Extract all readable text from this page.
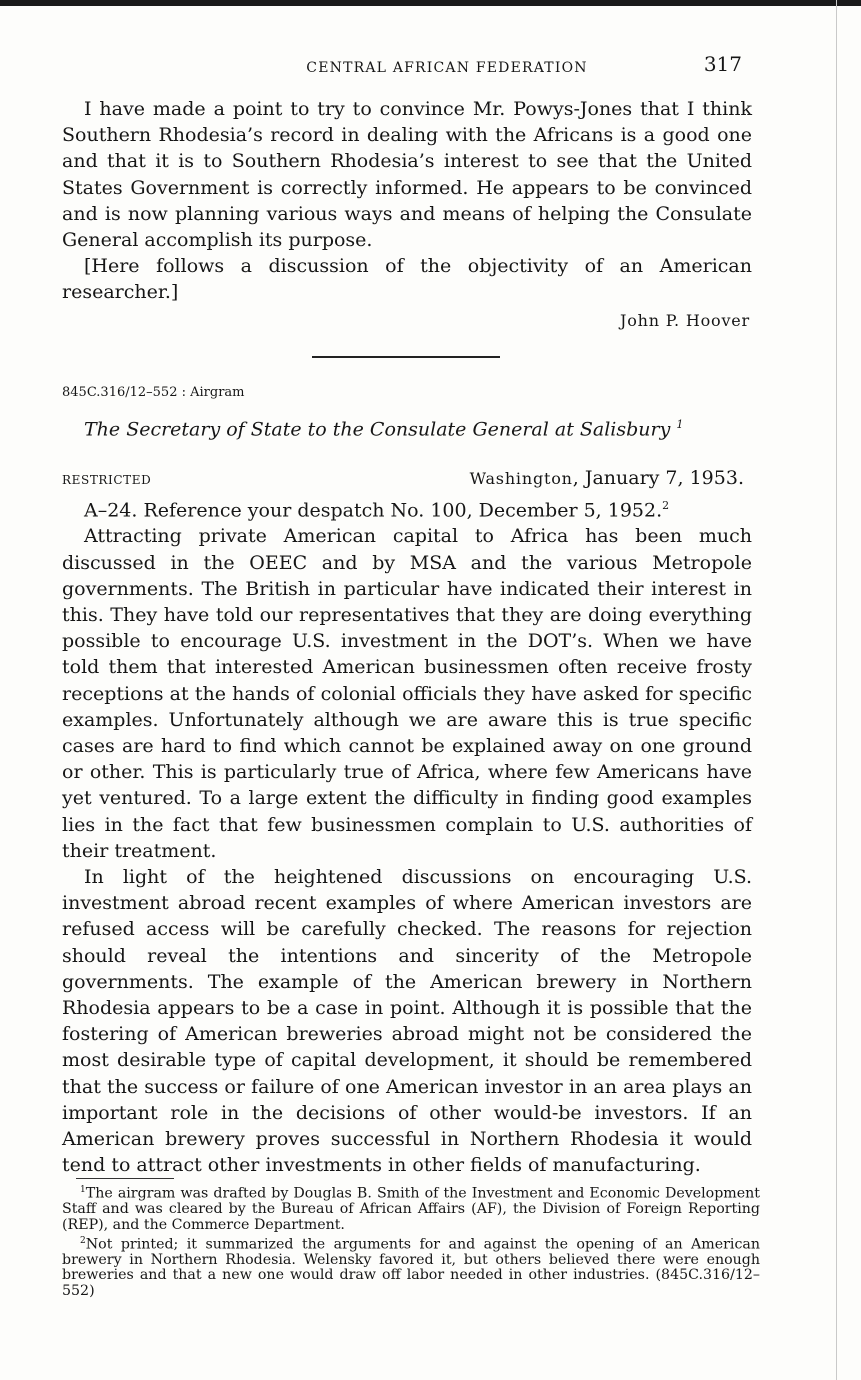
CENTRAL AFRICAN FEDERATION	317

I have made a point to try to convince Mr. Powys-Jones that I think Southern Rhodesia’s record in dealing with the Africans is a good one and that it is to Southern Rhodesia’s interest to see that the United States Government is correctly informed. He appears to be convinced and is now planning various ways and means of helping the Consulate General accomplish its purpose.

[Here follows a discussion of the objectivity of an American researcher.]

John P. Hoover

845C.316/12–552 : Airgram

The Secretary of State to the Consulate General at Salisbury $^1$

RESTRICTED	Washington, January 7, 1953.

A–24. Reference your despatch No. 100, December 5, 1952.$^2$

Attracting private American capital to Africa has been much discussed in the OEEC and by MSA and the various Metropole governments. The British in particular have indicated their interest in this. They have told our representatives that they are doing everything possible to encourage U.S. investment in the DOT’s. When we have told them that interested American businessmen often receive frosty receptions at the hands of colonial officials they have asked for specific examples. Unfortunately although we are aware this is true specific cases are hard to find which cannot be explained away on one ground or other. This is particularly true of Africa, where few Americans have yet ventured. To a large extent the difficulty in finding good examples lies in the fact that few businessmen complain to U.S. authorities of their treatment.

In light of the heightened discussions on encouraging U.S. investment abroad recent examples of where American investors are refused access will be carefully checked. The reasons for rejection should reveal the intentions and sincerity of the Metropole governments. The example of the American brewery in Northern Rhodesia appears to be a case in point. Although it is possible that the fostering of American breweries abroad might not be considered the most desirable type of capital development, it should be remembered that the success or failure of one American investor in an area plays an important role in the decisions of other would-be investors. If an American brewery proves successful in Northern Rhodesia it would tend to attract other investments in other fields of manufacturing.

$^1$The airgram was drafted by Douglas B. Smith of the Investment and Economic Development Staff and was cleared by the Bureau of African Affairs (AF), the Division of Foreign Reporting (REP), and the Commerce Department.

$^2$Not printed; it summarized the arguments for and against the opening of an American brewery in Northern Rhodesia. Welensky favored it, but others believed there were enough breweries and that a new one would draw off labor needed in other industries. (845C.316/12–552)
